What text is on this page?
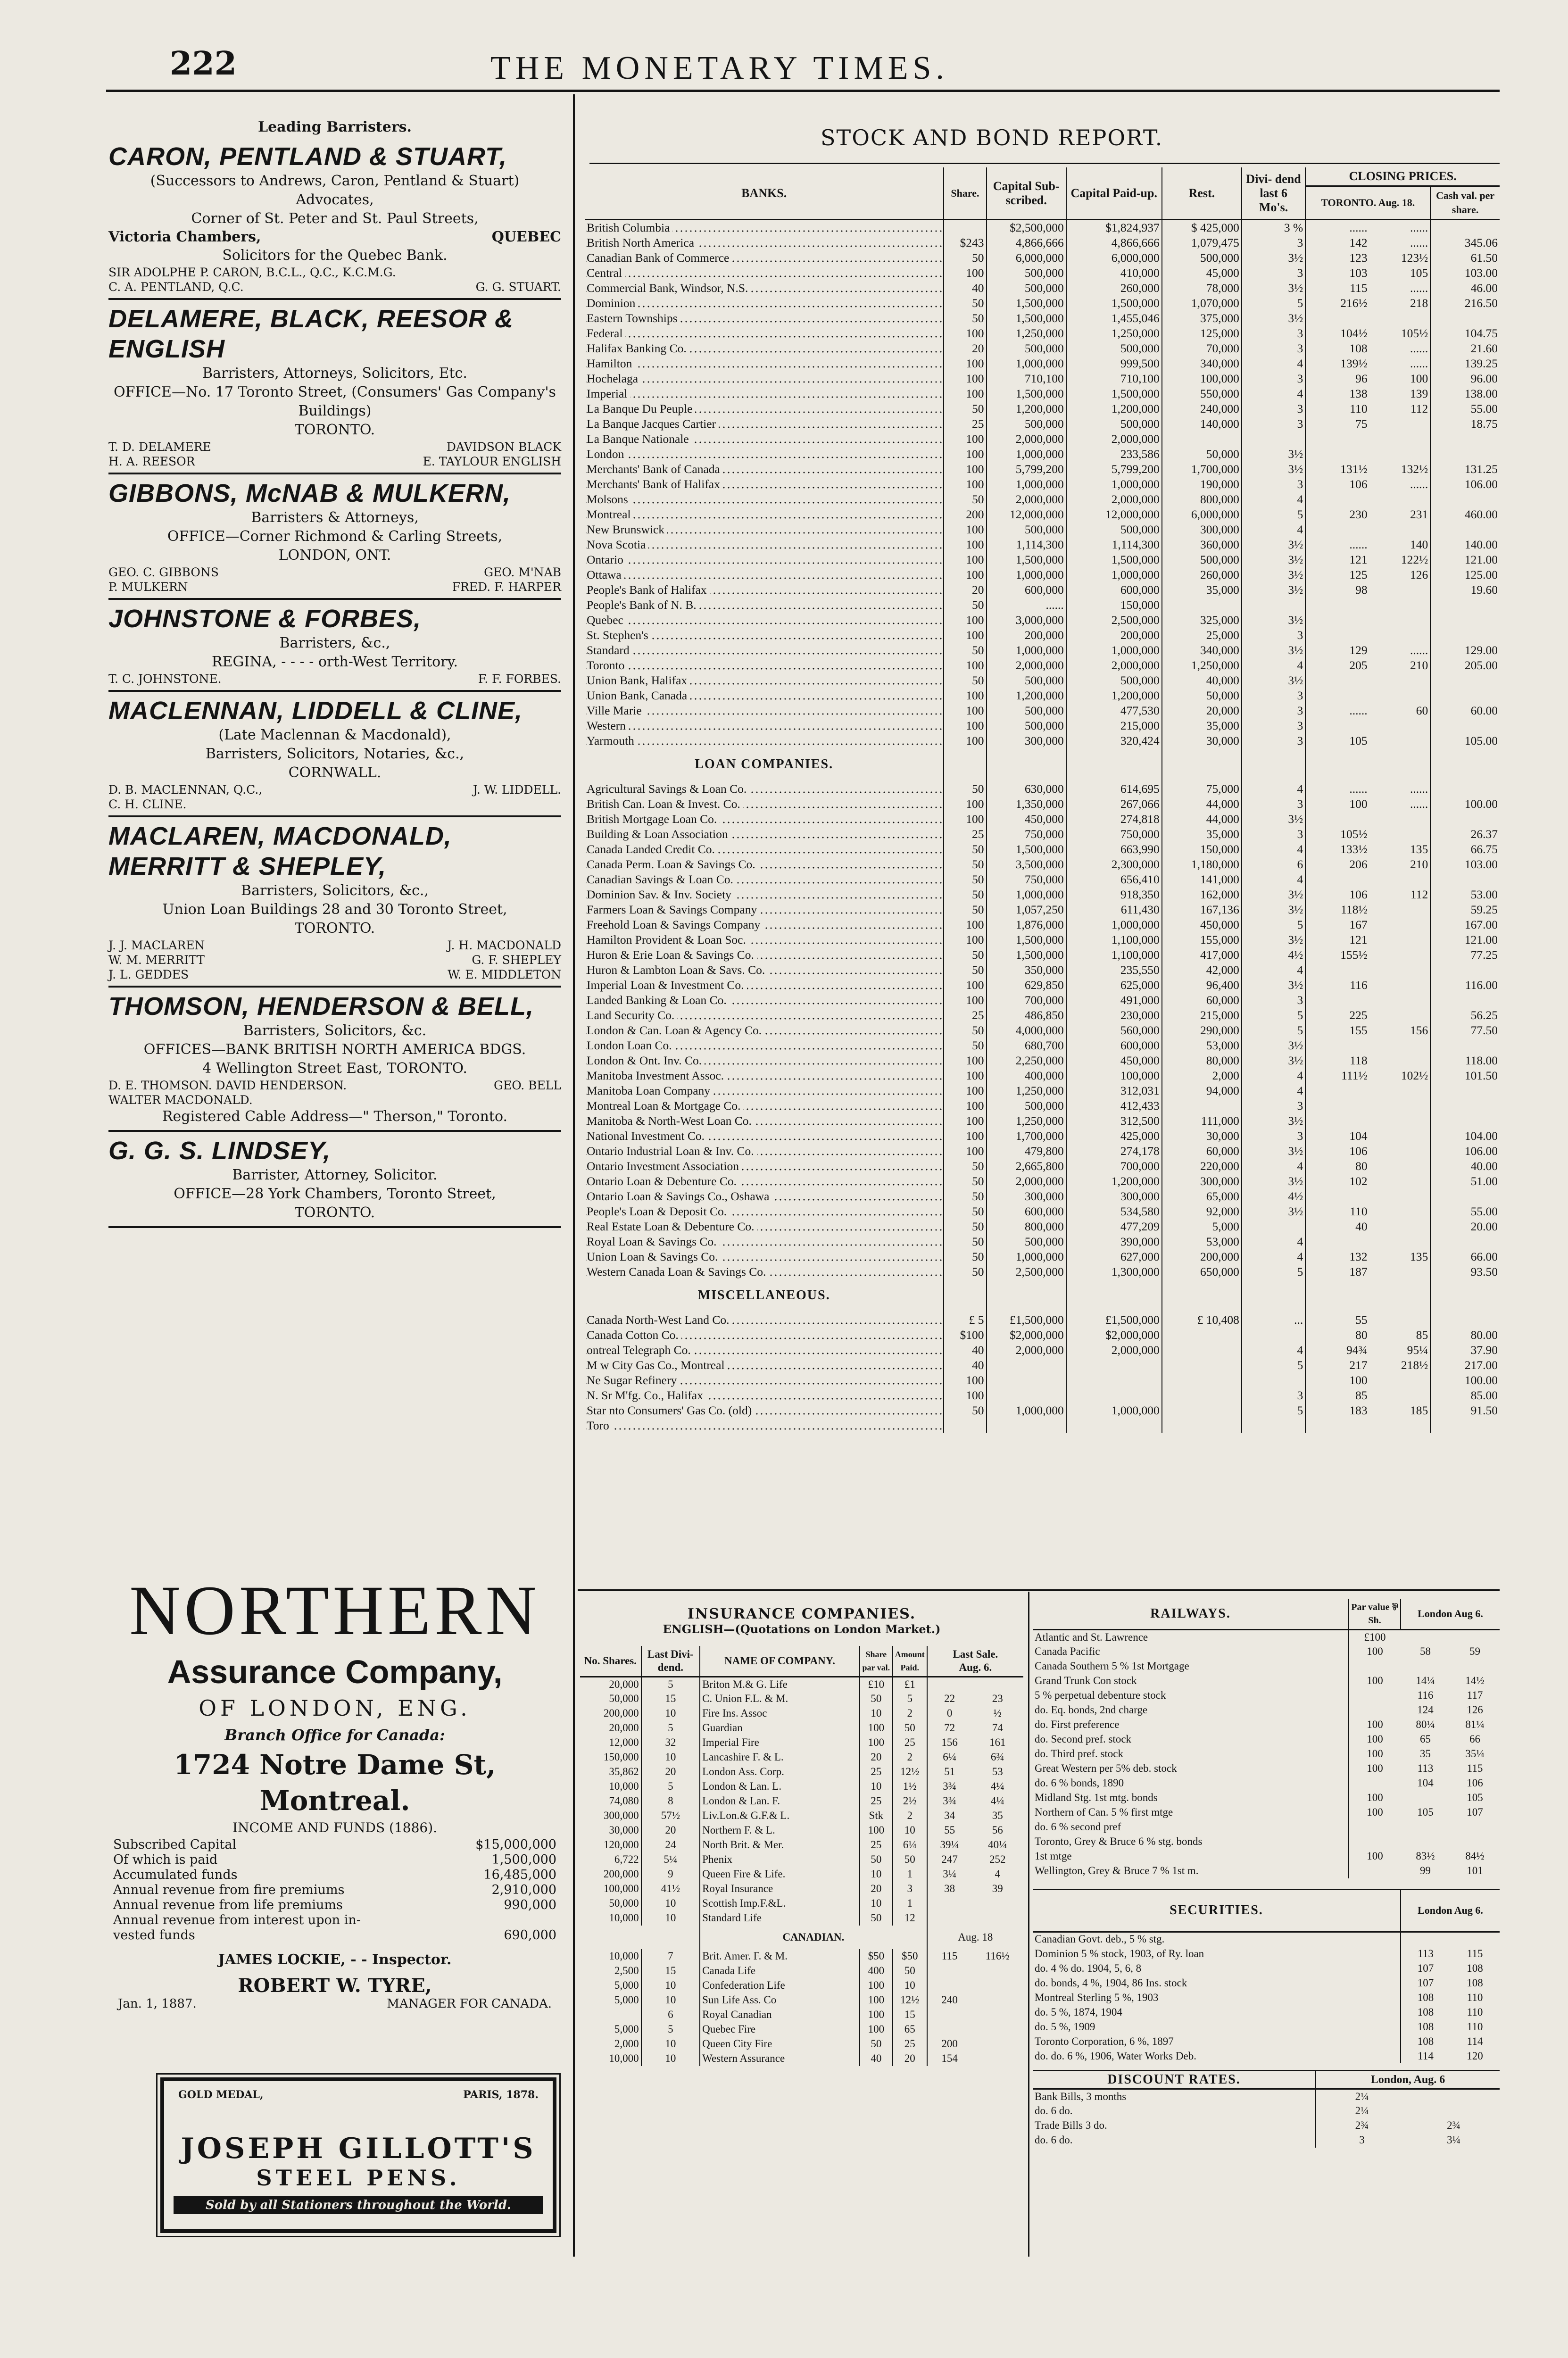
222	THE MONETARY TIMES.
Leading Barristers.
CARON, PENTLAND & STUART,
(Successors to Andrews, Caron, Pentland & Stuart)
Advocates,
Corner of St. Peter and St. Paul Streets,
Victoria Chambers,	QUEBEC
Solicitors for the Quebec Bank.
SIR ADOLPHE P. CARON, B.C.L., Q.C., K.C.M.G.
C. A. PENTLAND, Q.C.	G. G. STUART.
DELAMERE, BLACK, REESOR & ENGLISH
Barristers, Attorneys, Solicitors, Etc.
OFFICE—No. 17 Toronto Street, (Consumers' Gas Company's Buildings)
TORONTO.
T. D. DELAMERE	DAVIDSON BLACK
H. A. REESOR	E. TAYLOUR ENGLISH
GIBBONS, McNAB & MULKERN,
Barristers & Attorneys,
OFFICE—Corner Richmond & Carling Streets,
LONDON, ONT.
GEO. C. GIBBONS	GEO. M'NAB
P. MULKERN	FRED. F. HARPER
JOHNSTONE & FORBES,
Barristers, &c.,
REGINA, - - - - orth-West Territory.
T. C. JOHNSTONE.	F. F. FORBES.
MACLENNAN, LIDDELL & CLINE,
(Late Maclennan & Macdonald),
Barristers, Solicitors, Notaries, &c.,
CORNWALL.
D. B. MACLENNAN, Q.C.,	J. W. LIDDELL.
C. H. CLINE.
MACLAREN, MACDONALD, MERRITT & SHEPLEY,
Barristers, Solicitors, &c.,
Union Loan Buildings 28 and 30 Toronto Street,
TORONTO.
J. J. MACLAREN	J. H. MACDONALD
W. M. MERRITT	G. F. SHEPLEY
J. L. GEDDES	W. E. MIDDLETON
THOMSON, HENDERSON & BELL,
Barristers, Solicitors, &c.
OFFICES—BANK BRITISH NORTH AMERICA BDGS.
4 Wellington Street East, TORONTO.
D. E. THOMSON. DAVID HENDERSON.	GEO. BELL
WALTER MACDONALD.
Registered Cable Address—" Therson," Toronto.
G. G. S. LINDSEY,
Barrister, Attorney, Solicitor.
OFFICE—28 York Chambers, Toronto Street,
TORONTO.
NORTHERN
Assurance Company,
OF LONDON, ENG.
Branch Office for Canada:
1724 Notre Dame St, Montreal.
INCOME AND FUNDS (1886).
Subscribed Capital	$15,000,000
Of which is paid	1,500,000
Accumulated funds	16,485,000
Annual revenue from fire premiums	2,910,000
Annual revenue from life premiums	990,000
Annual revenue from interest upon in-
vested funds	690,000
JAMES LOCKIE, - - Inspector.
ROBERT W. TYRE,
Jan. 1, 1887.	MANAGER FOR CANADA.
GOLD MEDAL,	PARIS, 1878.
JOSEPH GILLOTT'S
STEEL PENS.
Sold by all Stationers throughout the World.
STOCK AND BOND REPORT.
BANKS.	Share.	Capital Sub- scribed.	Capital Paid-up.	Rest.	Divi- dend last 6 Mo's.	CLOSING PRICES.		
						TORONTO. Aug. 18.		Cash val. per share.
British Columbia		$2,500,000	$1,824,937	$ 425,000	3 %	......	......	
British North America	$243	4,866,666	4,866,666	1,079,475	3	142	......	345.06
Canadian Bank of Commerce	50	6,000,000	6,000,000	500,000	3½	123	123½	61.50
Central	100	500,000	410,000	45,000	3	103	105	103.00
Commercial Bank, Windsor, N.S.	40	500,000	260,000	78,000	3½	115	......	46.00
Dominion	50	1,500,000	1,500,000	1,070,000	5	216½	218	216.50
Eastern Townships	50	1,500,000	1,455,046	375,000	3½			
Federal	100	1,250,000	1,250,000	125,000	3	104½	105½	104.75
Halifax Banking Co.	20	500,000	500,000	70,000	3	108	......	21.60
Hamilton	100	1,000,000	999,500	340,000	4	139½	......	139.25
Hochelaga	100	710,100	710,100	100,000	3	96	100	96.00
Imperial	100	1,500,000	1,500,000	550,000	4	138	139	138.00
La Banque Du Peuple	50	1,200,000	1,200,000	240,000	3	110	112	55.00
La Banque Jacques Cartier	25	500,000	500,000	140,000	3	75		18.75
La Banque Nationale	100	2,000,000	2,000,000					
London	100	1,000,000	233,586	50,000	3½			
Merchants' Bank of Canada	100	5,799,200	5,799,200	1,700,000	3½	131½	132½	131.25
Merchants' Bank of Halifax	100	1,000,000	1,000,000	190,000	3	106	......	106.00
Molsons	50	2,000,000	2,000,000	800,000	4			
Montreal	200	12,000,000	12,000,000	6,000,000	5	230	231	460.00
New Brunswick	100	500,000	500,000	300,000	4			
Nova Scotia	100	1,114,300	1,114,300	360,000	3½	......	140	140.00
Ontario	100	1,500,000	1,500,000	500,000	3½	121	122½	121.00
Ottawa	100	1,000,000	1,000,000	260,000	3½	125	126	125.00
People's Bank of Halifax	20	600,000	600,000	35,000	3½	98		19.60
People's Bank of N. B.	50	......	150,000					
Quebec	100	3,000,000	2,500,000	325,000	3½			
St. Stephen's	100	200,000	200,000	25,000	3			
Standard	50	1,000,000	1,000,000	340,000	3½	129	......	129.00
Toronto	100	2,000,000	2,000,000	1,250,000	4	205	210	205.00
Union Bank, Halifax	50	500,000	500,000	40,000	3½			
Union Bank, Canada	100	1,200,000	1,200,000	50,000	3			
Ville Marie	100	500,000	477,530	20,000	3	......	60	60.00
Western	100	500,000	215,000	35,000	3			
Yarmouth	100	300,000	320,424	30,000	3	105		105.00
LOAN COMPANIES.								
Agricultural Savings & Loan Co.	50	630,000	614,695	75,000	4	......	......	
British Can. Loan & Invest. Co.	100	1,350,000	267,066	44,000	3	100	......	100.00
British Mortgage Loan Co.	100	450,000	274,818	44,000	3½			
Building & Loan Association	25	750,000	750,000	35,000	3	105½		26.37
Canada Landed Credit Co.	50	1,500,000	663,990	150,000	4	133½	135	66.75
Canada Perm. Loan & Savings Co.	50	3,500,000	2,300,000	1,180,000	6	206	210	103.00
Canadian Savings & Loan Co.	50	750,000	656,410	141,000	4			
Dominion Sav. & Inv. Society	50	1,000,000	918,350	162,000	3½	106	112	53.00
Farmers Loan & Savings Company	50	1,057,250	611,430	167,136	3½	118½		59.25
Freehold Loan & Savings Company	100	1,876,000	1,000,000	450,000	5	167		167.00
Hamilton Provident & Loan Soc.	100	1,500,000	1,100,000	155,000	3½	121		121.00
Huron & Erie Loan & Savings Co.	50	1,500,000	1,100,000	417,000	4½	155½		77.25
Huron & Lambton Loan & Savs. Co.	50	350,000	235,550	42,000	4			
Imperial Loan & Investment Co.	100	629,850	625,000	96,400	3½	116		116.00
Landed Banking & Loan Co.	100	700,000	491,000	60,000	3			
Land Security Co.	25	486,850	230,000	215,000	5	225		56.25
London & Can. Loan & Agency Co.	50	4,000,000	560,000	290,000	5	155	156	77.50
London Loan Co.	50	680,700	600,000	53,000	3½			
London & Ont. Inv. Co.	100	2,250,000	450,000	80,000	3½	118		118.00
Manitoba Investment Assoc.	100	400,000	100,000	2,000	4	111½	102½	101.50
Manitoba Loan Company	100	1,250,000	312,031	94,000	4			
Montreal Loan & Mortgage Co.	100	500,000	412,433		3			
Manitoba & North-West Loan Co.	100	1,250,000	312,500	111,000	3½			
National Investment Co.	100	1,700,000	425,000	30,000	3	104		104.00
Ontario Industrial Loan & Inv. Co.	100	479,800	274,178	60,000	3½	106		106.00
Ontario Investment Association	50	2,665,800	700,000	220,000	4	80		40.00
Ontario Loan & Debenture Co.	50	2,000,000	1,200,000	300,000	3½	102		51.00
Ontario Loan & Savings Co., Oshawa	50	300,000	300,000	65,000	4½			
People's Loan & Deposit Co.	50	600,000	534,580	92,000	3½	110		55.00
Real Estate Loan & Debenture Co.	50	800,000	477,209	5,000		40		20.00
Royal Loan & Savings Co.	50	500,000	390,000	53,000	4			
Union Loan & Savings Co.	50	1,000,000	627,000	200,000	4	132	135	66.00
Western Canada Loan & Savings Co.	50	2,500,000	1,300,000	650,000	5	187		93.50
MISCELLANEOUS.								
Canada North-West Land Co.	£ 5	£1,500,000	£1,500,000	£ 10,408	...	55		
Canada Cotton Co.	$100	$2,000,000	$2,000,000			80	85	80.00
ontreal Telegraph Co.	40	2,000,000	2,000,000		4	94¾	95¼	37.90
M w City Gas Co., Montreal	40				5	217	218½	217.00
Ne Sugar Refinery	100					100		100.00
N. Sr M'fg. Co., Halifax	100				3	85		85.00
Star nto Consumers' Gas Co. (old)	50	1,000,000	1,000,000		5	183	185	91.50
Toro								
INSURANCE COMPANIES.
ENGLISH—(Quotations on London Market.)
No. Shares.	Last Divi- dend.	NAME OF COMPANY.	Share par val.	Amount Paid.	Last Sale.
Aug. 6.	
20,000	5	Briton M.& G. Life	£10	£1		
50,000	15	C. Union F.L. & M.	50	5	22	23
200,000	10	Fire Ins. Assoc	10	2	0	½
20,000	5	Guardian	100	50	72	74
12,000	32	Imperial Fire	100	25	156	161
150,000	10	Lancashire F. & L.	20	2	6¼	6¾
35,862	20	London Ass. Corp.	25	12½	51	53
10,000	5	London & Lan. L.	10	1½	3¾	4¼
74,080	8	London & Lan. F.	25	2½	3¾	4¼
300,000	57½	Liv.Lon.& G.F.& L.	Stk	2	34	35
30,000	20	Northern F. & L.	100	10	55	56
120,000	24	North Brit. & Mer.	25	6¼	39¼	40¼
6,722	5¼	Phenix	50	50	247	252
200,000	9	Queen Fire & Life.	10	1	3¼	4
100,000	41½	Royal Insurance	20	3	38	39
50,000	10	Scottish Imp.F.&L.	10	1		
10,000	10	Standard Life	50	12		
		CANADIAN.			Aug. 18	
10,000	7	Brit. Amer. F. & M.	$50	$50	115	116½
2,500	15	Canada Life	400	50		
5,000	10	Confederation Life	100	10		
5,000	10	Sun Life Ass. Co	100	12½	240	
	6	Royal Canadian	100	15		
5,000	5	Quebec Fire	100	65		
2,000	10	Queen City Fire	50	25	200	
10,000	10	Western Assurance	40	20	154	
RAILWAYS.	Par value ⅌ Sh.	London Aug 6.	
Atlantic and St. Lawrence	£100		
Canada Pacific	100	58	59
Canada Southern 5 % 1st Mortgage			
Grand Trunk Con stock	100	14¼	14½
5 % perpetual debenture stock		116	117
do. Eq. bonds, 2nd charge		124	126
do. First preference	100	80¼	81¼
do. Second pref. stock	100	65	66
do. Third pref. stock	100	35	35¼
Great Western per 5% deb. stock	100	113	115
do. 6 % bonds, 1890		104	106
Midland Stg. 1st mtg. bonds	100		105
Northern of Can. 5 % first mtge	100	105	107
do. 6 % second pref			
Toronto, Grey & Bruce 6 % stg. bonds			
1st mtge	100	83½	84½
Wellington, Grey & Bruce 7 % 1st m.		99	101
SECURITIES.	London Aug 6.	
Canadian Govt. deb., 5 % stg.		
Dominion 5 % stock, 1903, of Ry. loan	113	115
do. 4 % do. 1904, 5, 6, 8	107	108
do. bonds, 4 %, 1904, 86 Ins. stock	107	108
Montreal Sterling 5 %, 1903	108	110
do. 5 %, 1874, 1904	108	110
do. 5 %, 1909	108	110
Toronto Corporation, 6 %, 1897	108	114
do. do. 6 %, 1906, Water Works Deb.	114	120
DISCOUNT RATES.	London, Aug. 6	
Bank Bills, 3 months	2¼	
do. 6 do.	2¼	
Trade Bills 3 do.	2¾	2¾
do. 6 do.	3	3¼
